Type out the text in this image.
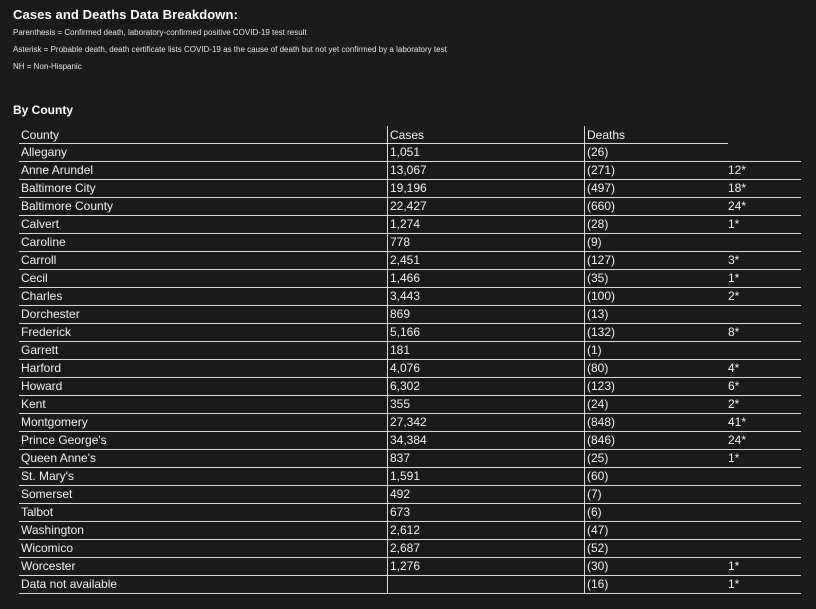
Cases and Deaths Data Breakdown:
Parenthesis = Confirmed death, laboratory-confirmed positive COVID-19 test result
Asterisk = Probable death, death certificate lists COVID-19 as the cause of death but not yet confirmed by a laboratory test
NH = Non-Hispanic
By County
County	Cases	Deaths	
Allegany	1,051	(26)	
Anne Arundel	13,067	(271)	12*
Baltimore City	19,196	(497)	18*
Baltimore County	22,427	(660)	24*
Calvert	1,274	(28)	1*
Caroline	778	(9)	
Carroll	2,451	(127)	3*
Cecil	1,466	(35)	1*
Charles	3,443	(100)	2*
Dorchester	869	(13)	
Frederick	5,166	(132)	8*
Garrett	181	(1)	
Harford	4,076	(80)	4*
Howard	6,302	(123)	6*
Kent	355	(24)	2*
Montgomery	27,342	(848)	41*
Prince George's	34,384	(846)	24*
Queen Anne's	837	(25)	1*
St. Mary's	1,591	(60)	
Somerset	492	(7)	
Talbot	673	(6)	
Washington	2,612	(47)	
Wicomico	2,687	(52)	
Worcester	1,276	(30)	1*
Data not available		(16)	1*
